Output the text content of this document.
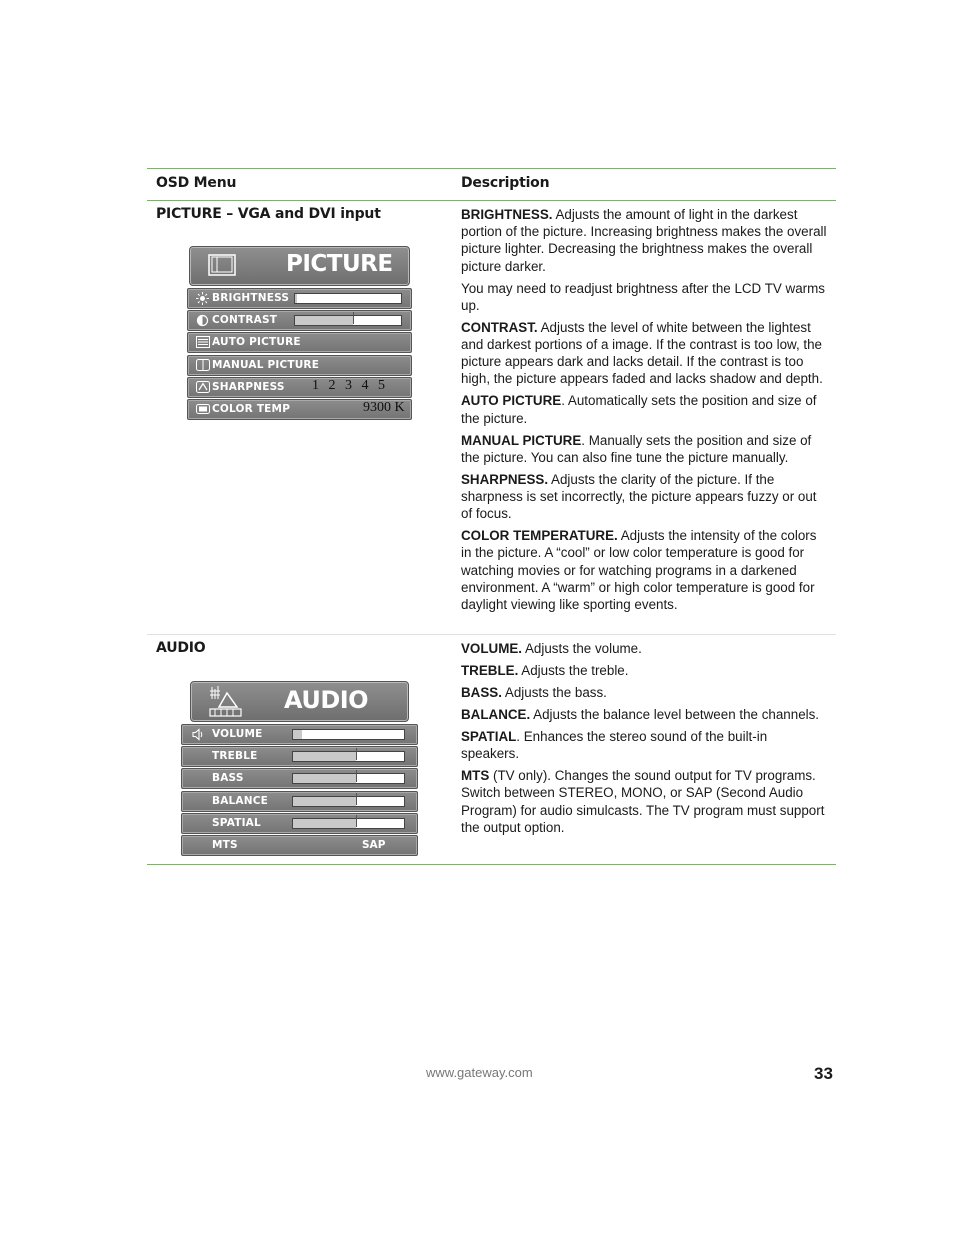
OSD Menu	Description
PICTURE – VGA and DVI input
PICTURE
BRIGHTNESS
CONTRAST
AUTO PICTURE
MANUAL PICTURE
SHARPNESS 1 2 3 4 5
COLOR TEMP	9300 K

BRIGHTNESS. Adjusts the amount of light in the darkest portion of the picture. Increasing brightness makes the overall picture lighter. Decreasing the brightness makes the overall picture darker.

You may need to readjust brightness after the LCD TV warms up.

CONTRAST. Adjusts the level of white between the lightest and darkest portions of a image. If the contrast is too low, the picture appears dark and lacks detail. If the contrast is too high, the picture appears faded and lacks shadow and depth.

AUTO PICTURE. Automatically sets the position and size of the picture.

MANUAL PICTURE. Manually sets the position and size of the picture. You can also fine tune the picture manually.

SHARPNESS. Adjusts the clarity of the picture. If the sharpness is set incorrectly, the picture appears fuzzy or out of focus.

COLOR TEMPERATURE. Adjusts the intensity of the colors in the picture. A “cool” or low color temperature is good for watching movies or for watching programs in a darkened environment. A “warm” or high color temperature is good for daylight viewing like sporting events.

AUDIO
AUDIO
VOLUME
TREBLE
BASS
BALANCE
SPATIAL
MTS	SAP

VOLUME. Adjusts the volume.

TREBLE. Adjusts the treble.

BASS. Adjusts the bass.

BALANCE. Adjusts the balance level between the channels.

SPATIAL. Enhances the stereo sound of the built-in speakers.

MTS (TV only). Changes the sound output for TV programs. Switch between STEREO, MONO, or SAP (Second Audio Program) for audio simulcasts. The TV program must support the output option.

www.gateway.com	33
